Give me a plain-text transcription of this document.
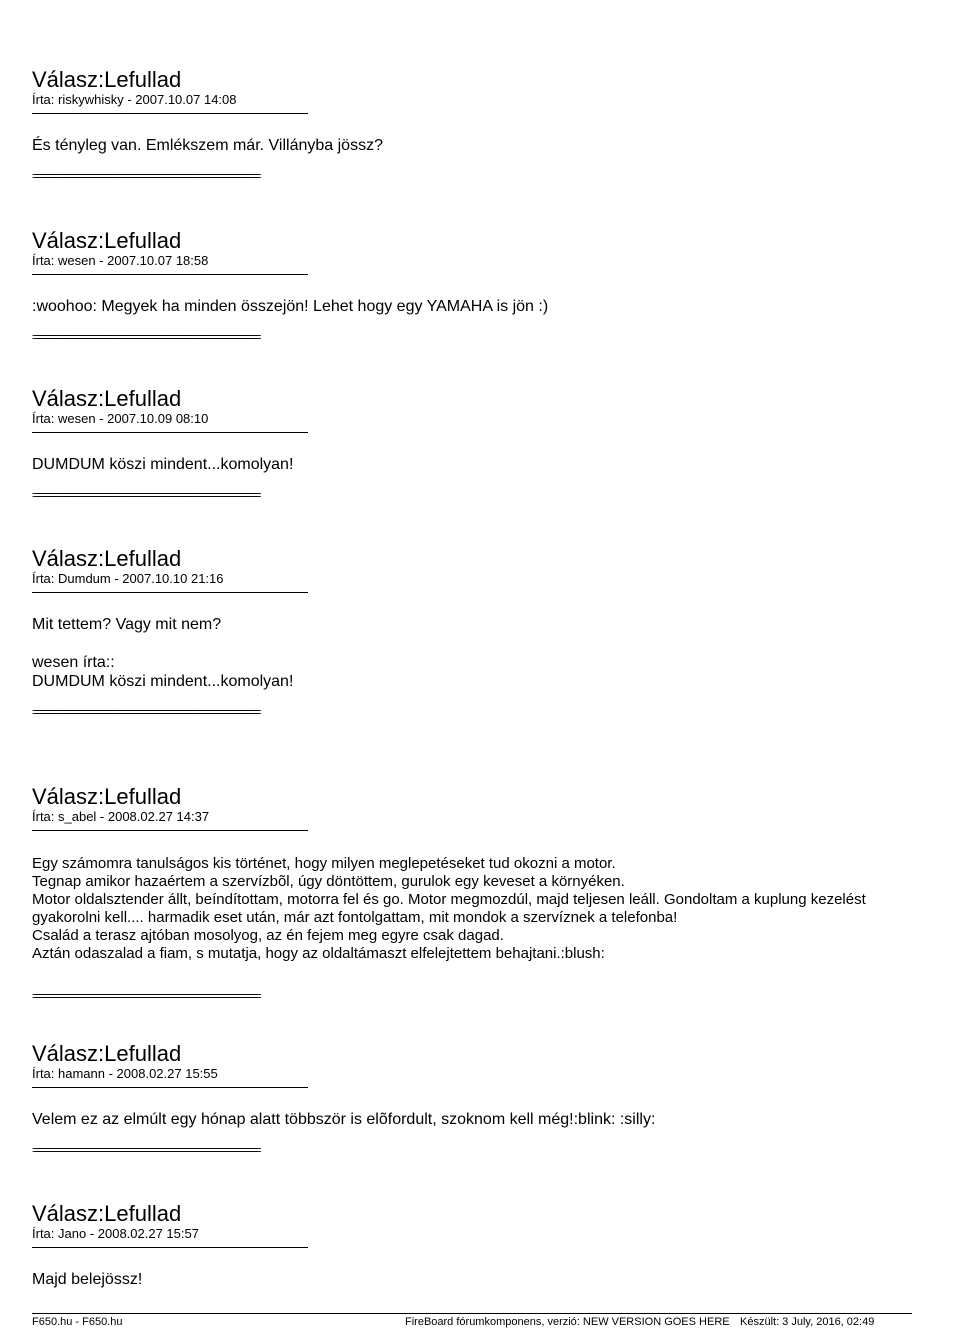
Válasz:Lefullad
Írta: riskywhisky - 2007.10.07 14:08
És tényleg van. Emlékszem már. Villányba jössz?
=========================================================================
Válasz:Lefullad
Írta: wesen - 2007.10.07 18:58
:woohoo: Megyek ha minden összejön! Lehet hogy egy YAMAHA is jön :)
=========================================================================
Válasz:Lefullad
Írta: wesen - 2007.10.09 08:10
DUMDUM köszi mindent...komolyan!
=========================================================================
Válasz:Lefullad
Írta: Dumdum - 2007.10.10 21:16
Mit tettem? Vagy mit nem?
wesen írta::
DUMDUM köszi mindent...komolyan!
=========================================================================
Válasz:Lefullad
Írta: s_abel - 2008.02.27 14:37
Egy számomra tanulságos kis történet, hogy milyen meglepetéseket tud okozni a motor.
Tegnap amikor hazaértem a szervízbõl, úgy döntöttem, gurulok egy keveset a környéken.
Motor oldalsztender állt, beíndítottam, motorra fel és go. Motor megmozdúl, majd teljesen leáll. Gondoltam a kuplung kezelést gyakorolni kell.... harmadik eset után, már azt fontolgattam, mit mondok a szervíznek a telefonba!
Család a terasz ajtóban mosolyog, az én fejem meg egyre csak dagad.
Aztán odaszalad a fiam, s mutatja, hogy az oldaltámaszt elfelejtettem behajtani.:blush:
=========================================================================
Válasz:Lefullad
Írta: hamann - 2008.02.27 15:55
Velem ez az elmúlt egy hónap alatt többször is elõfordult, szoknom kell még!:blink: :silly:
=========================================================================
Válasz:Lefullad
Írta: Jano - 2008.02.27 15:57
Majd belejössz!
F650.hu - F650.hu	FireBoard fórumkomponens, verzió: NEW VERSION GOES HERE Készült: 3 July, 2016, 02:49
